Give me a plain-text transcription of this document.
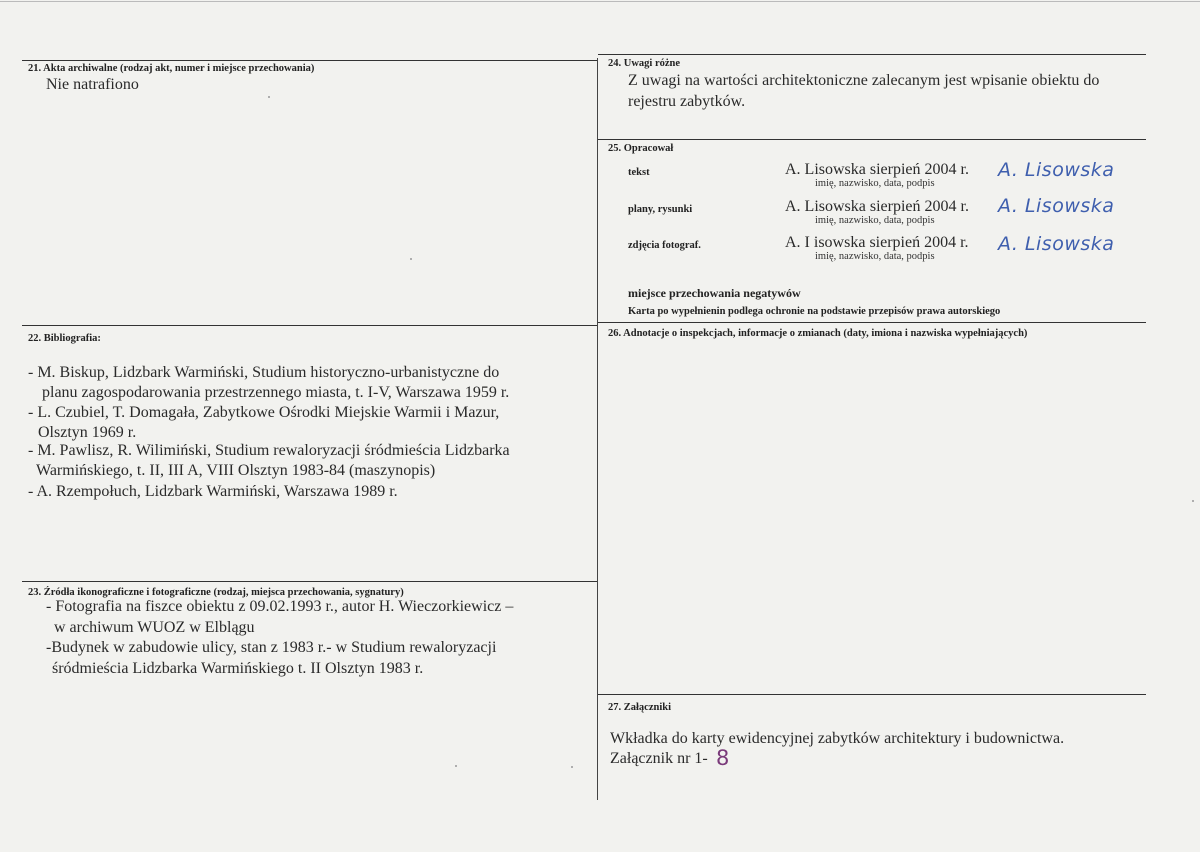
21. Akta archiwalne (rodzaj akt, numer i miejsce przechowania)
Nie natrafiono
24. Uwagi różne
Z uwagi na wartości architektoniczne zalecanym jest wpisanie obiektu do
rejestru zabytków.
25. Opracował
tekst	A. Lisowska sierpień 2004 r.
imię, nazwisko, data, podpis
A. Lisowska
plany, rysunki	A. Lisowska sierpień 2004 r.
imię, nazwisko, data, podpis
A. Lisowska
zdjęcia fotograf.	A. I isowska sierpień 2004 r.
imię, nazwisko, data, podpis
A. Lisowska
miejsce przechowania negatywów
Karta po wypełnienin podlega ochronie na podstawie przepisów prawa autorskiego
22. Bibliografia:
- M. Biskup, Lidzbark Warmiński, Studium historyczno-urbanistyczne do
planu zagospodarowania przestrzennego miasta, t. I-V, Warszawa 1959 r.
- L. Czubiel, T. Domagała, Zabytkowe Ośrodki Miejskie Warmii i Mazur,
Olsztyn 1969 r.
- M. Pawlisz, R. Wilimiński, Studium rewaloryzacji śródmieścia Lidzbarka
Warmińskiego, t. II, III A, VIII Olsztyn 1983-84 (maszynopis)
- A. Rzempołuch, Lidzbark Warmiński, Warszawa 1989 r.
26. Adnotacje o inspekcjach, informacje o zmianach (daty, imiona i nazwiska wypełniających)
23. Źródła ikonograficzne i fotograficzne (rodzaj, miejsca przechowania, sygnatury)
- Fotografia na fiszce obiektu z 09.02.1993 r., autor H. Wieczorkiewicz –
w archiwum WUOZ w Elblągu
-Budynek w zabudowie ulicy, stan z 1983 r.- w Studium rewaloryzacji
śródmieścia Lidzbarka Warmińskiego t. II Olsztyn 1983 r.
27. Załączniki
Wkładka do karty ewidencyjnej zabytków architektury i budownictwa.
Załącznik nr 1- 8
